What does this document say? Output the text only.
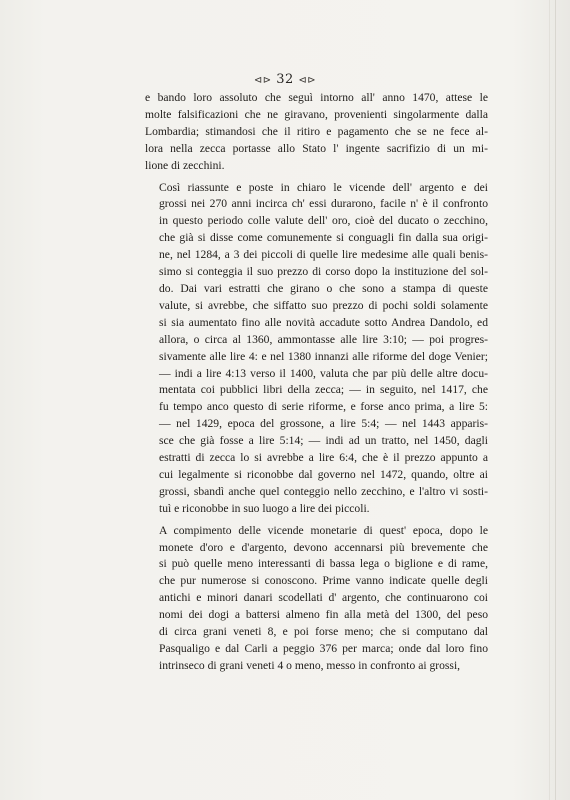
⊲⊳ 32 ⊲⊳
e bando loro assoluto che seguì intorno all' anno 1470, attese le
molte falsificazioni che ne giravano, provenienti singolarmente dalla
Lombardia; stimandosi che il ritiro e pagamento che se ne fece al-
lora nella zecca portasse allo Stato l' ingente sacrifizio di un mi-
lione di zecchini.
Così riassunte e poste in chiaro le vicende dell' argento e dei
grossi nei 270 anni incirca ch' essi durarono, facile n' è il confronto
in questo periodo colle valute dell' oro, cioè del ducato o zecchino,
che già si disse come comunemente si conguagli fin dalla sua origi-
ne, nel 1284, a 3 dei piccoli di quelle lire medesime alle quali benis-
simo si conteggia il suo prezzo di corso dopo la instituzione del sol-
do. Dai vari estratti che girano o che sono a stampa di queste
valute, si avrebbe, che siffatto suo prezzo di pochi soldi solamente
si sia aumentato fino alle novità accadute sotto Andrea Dandolo, ed
allora, o circa al 1360, ammontasse alle lire 3:10; — poi progres-
sivamente alle lire 4: e nel 1380 innanzi alle riforme del doge Venier;
— indi a lire 4:13 verso il 1400, valuta che par più delle altre docu-
mentata coi pubblici libri della zecca; — in seguito, nel 1417, che
fu tempo anco questo di serie riforme, e forse anco prima, a lire 5:
— nel 1429, epoca del grossone, a lire 5:4; — nel 1443 apparis-
sce che già fosse a lire 5:14; — indi ad un tratto, nel 1450, dagli
estratti di zecca lo si avrebbe a lire 6:4, che è il prezzo appunto a
cui legalmente si riconobbe dal governo nel 1472, quando, oltre ai
grossi, sbandì anche quel conteggio nello zecchino, e l'altro vi sosti-
tuì e riconobbe in suo luogo a lire dei piccoli.
A compimento delle vicende monetarie di quest' epoca, dopo le
monete d'oro e d'argento, devono accennarsi più brevemente che
si può quelle meno interessanti di bassa lega o biglione e di rame,
che pur numerose si conoscono. Prime vanno indicate quelle degli
antichi e minori danari scodellati d' argento, che continuarono coi
nomi dei dogi a battersi almeno fin alla metà del 1300, del peso
di circa grani veneti 8, e poi forse meno; che si computano dal
Pasqualigo e dal Carli a peggio 376 per marca; onde dal loro fino
intrinseco di grani veneti 4 o meno, messo in confronto ai grossi,
